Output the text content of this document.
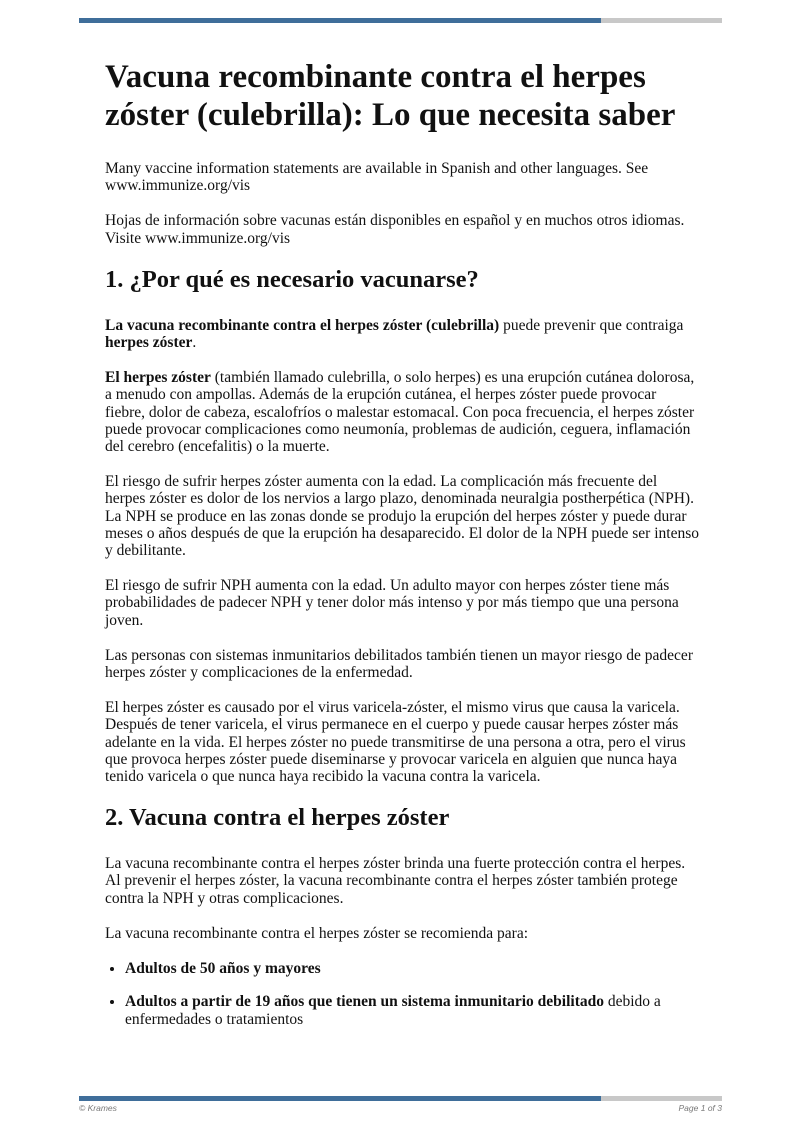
Vacuna recombinante contra el herpes zóster (culebrilla): Lo que necesita saber

Many vaccine information statements are available in Spanish and other languages. See www.immunize.org/vis

Hojas de información sobre vacunas están disponibles en español y en muchos otros idiomas. Visite www.immunize.org/vis

1. ¿Por qué es necesario vacunarse?

La vacuna recombinante contra el herpes zóster (culebrilla) puede prevenir que contraiga herpes zóster.

El herpes zóster (también llamado culebrilla, o solo herpes) es una erupción cutánea dolorosa, a menudo con ampollas. Además de la erupción cutánea, el herpes zóster puede provocar fiebre, dolor de cabeza, escalofríos o malestar estomacal. Con poca frecuencia, el herpes zóster puede provocar complicaciones como neumonía, problemas de audición, ceguera, inflamación del cerebro (encefalitis) o la muerte.

El riesgo de sufrir herpes zóster aumenta con la edad. La complicación más frecuente del herpes zóster es dolor de los nervios a largo plazo, denominada neuralgia postherpética (NPH). La NPH se produce en las zonas donde se produjo la erupción del herpes zóster y puede durar meses o años después de que la erupción ha desaparecido. El dolor de la NPH puede ser intenso y debilitante.

El riesgo de sufrir NPH aumenta con la edad. Un adulto mayor con herpes zóster tiene más probabilidades de padecer NPH y tener dolor más intenso y por más tiempo que una persona joven.

Las personas con sistemas inmunitarios debilitados también tienen un mayor riesgo de padecer herpes zóster y complicaciones de la enfermedad.

El herpes zóster es causado por el virus varicela-zóster, el mismo virus que causa la varicela. Después de tener varicela, el virus permanece en el cuerpo y puede causar herpes zóster más adelante en la vida. El herpes zóster no puede transmitirse de una persona a otra, pero el virus que provoca herpes zóster puede diseminarse y provocar varicela en alguien que nunca haya tenido varicela o que nunca haya recibido la vacuna contra la varicela.

2. Vacuna contra el herpes zóster

La vacuna recombinante contra el herpes zóster brinda una fuerte protección contra el herpes. Al prevenir el herpes zóster, la vacuna recombinante contra el herpes zóster también protege contra la NPH y otras complicaciones.

La vacuna recombinante contra el herpes zóster se recomienda para:

• Adultos de 50 años y mayores
• Adultos a partir de 19 años que tienen un sistema inmunitario debilitado debido a enfermedades o tratamientos
© Krames	Page 1 of 3
